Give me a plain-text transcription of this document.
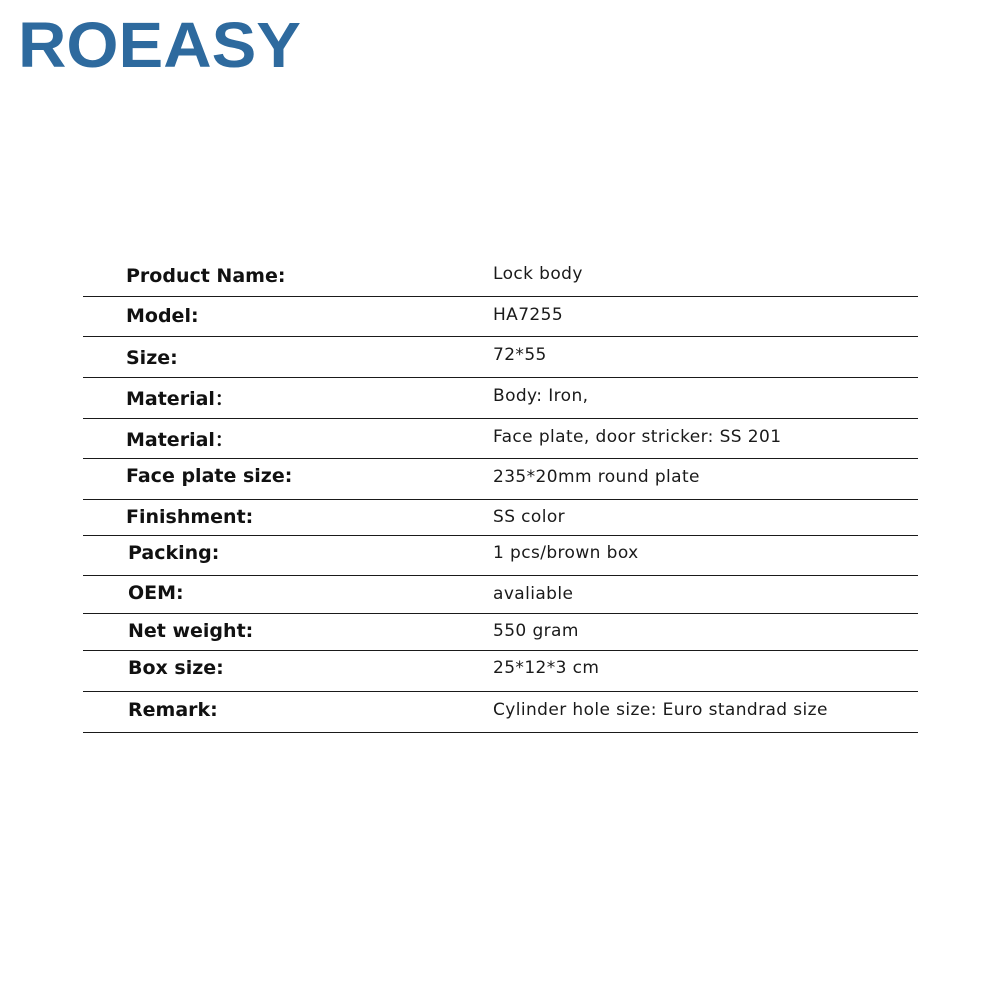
ROEASY
Product Name:	Lock body
Model:	HA7255
Size:	72*55
Material：	Body: Iron,
Material：	Face plate, door stricker: SS 201
Face plate size:	235*20mm round plate
Finishment:	SS color
Packing:	1 pcs/brown box
OEM:	avaliable
Net weight:	550 gram
Box size:	25*12*3 cm
Remark:	Cylinder hole size: Euro standrad size
